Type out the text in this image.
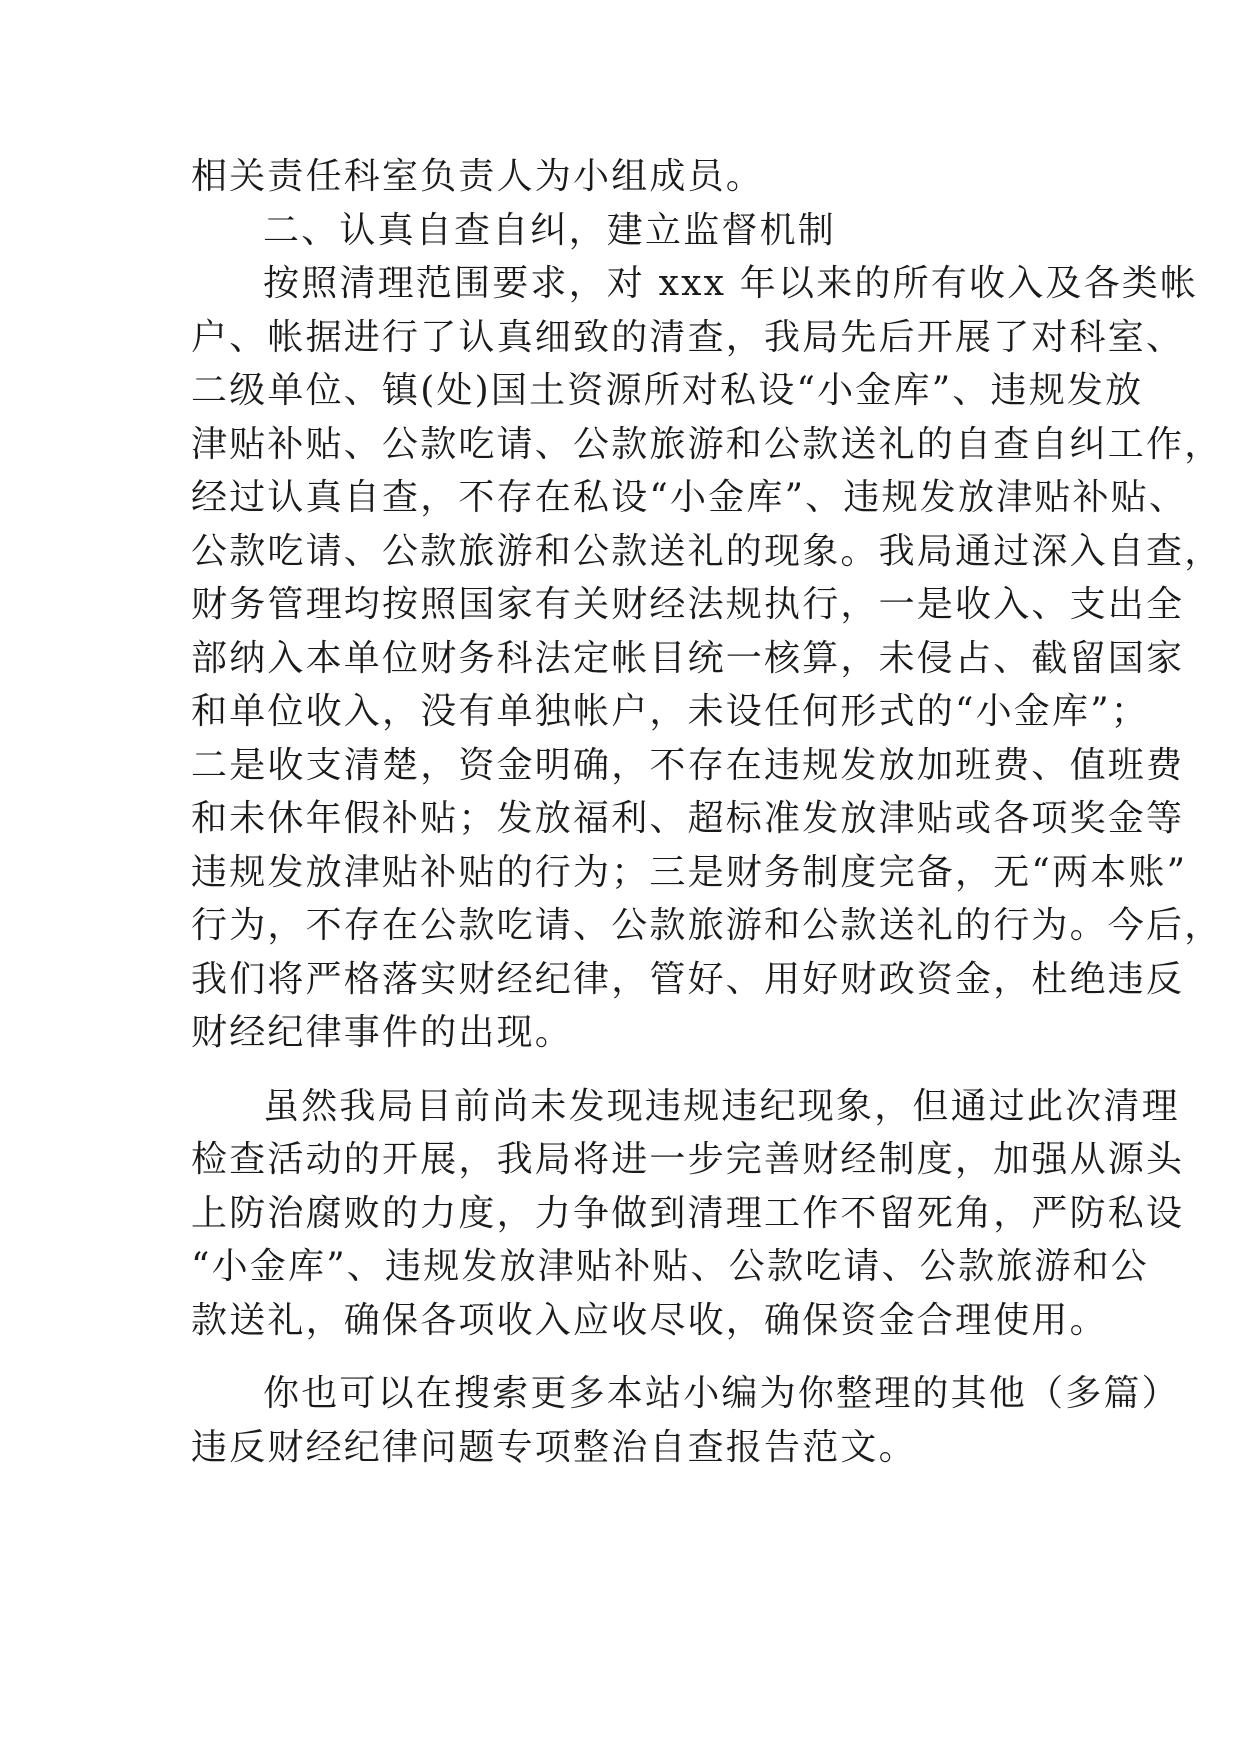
相关责任科室负责人为小组成员。
二、认真自查自纠，建立监督机制
按照清理范围要求，对 xxx 年以来的所有收入及各类帐
户、帐据进行了认真细致的清查，我局先后开展了对科室、
二级单位、镇(处)国土资源所对私设“小金库”、违规发放
津贴补贴、公款吃请、公款旅游和公款送礼的自查自纠工作，
经过认真自查，不存在私设“小金库”、违规发放津贴补贴、
公款吃请、公款旅游和公款送礼的现象。我局通过深入自查，
财务管理均按照国家有关财经法规执行，一是收入、支出全
部纳入本单位财务科法定帐目统一核算，未侵占、截留国家
和单位收入，没有单独帐户，未设任何形式的“小金库”；
二是收支清楚，资金明确，不存在违规发放加班费、值班费
和未休年假补贴；发放福利、超标准发放津贴或各项奖金等
违规发放津贴补贴的行为；三是财务制度完备，无“两本账”
行为，不存在公款吃请、公款旅游和公款送礼的行为。今后，
我们将严格落实财经纪律，管好、用好财政资金，杜绝违反
财经纪律事件的出现。
虽然我局目前尚未发现违规违纪现象，但通过此次清理
检查活动的开展，我局将进一步完善财经制度，加强从源头
上防治腐败的力度，力争做到清理工作不留死角，严防私设
“小金库”、违规发放津贴补贴、公款吃请、公款旅游和公
款送礼，确保各项收入应收尽收，确保资金合理使用。
你也可以在搜索更多本站小编为你整理的其他（多篇）
违反财经纪律问题专项整治自查报告范文。
